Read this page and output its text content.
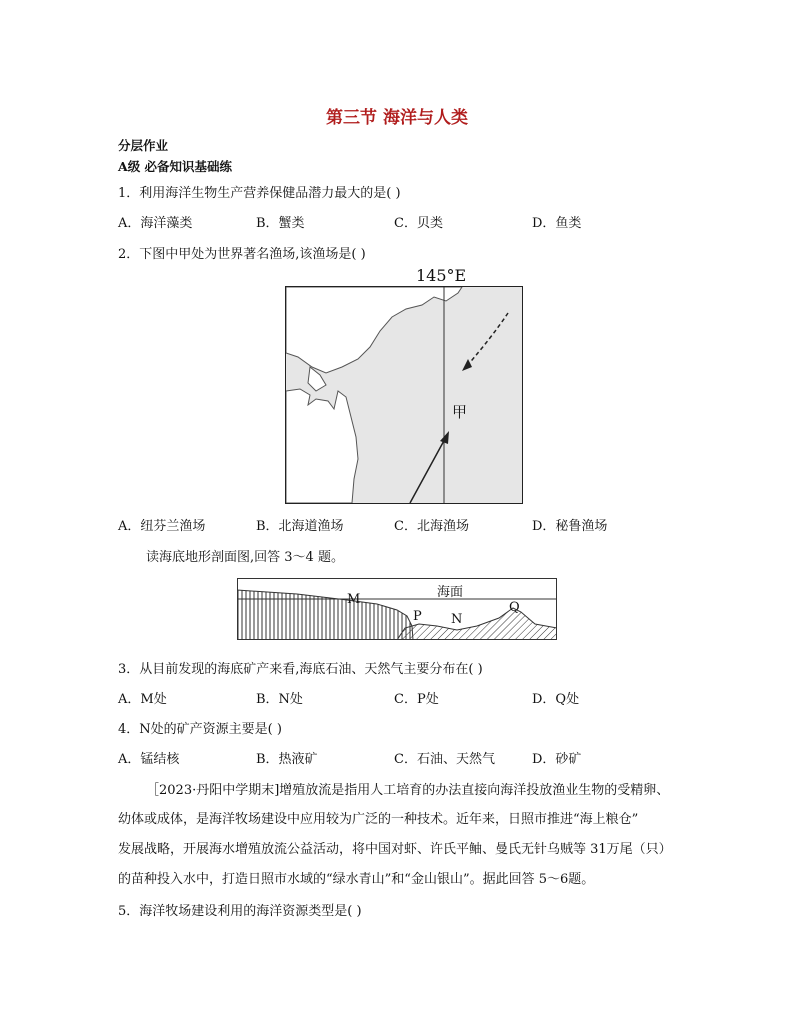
第三节 海洋与人类
分层作业
A级 必备知识基础练
1．利用海洋生物生产营养保健品潜力最大的是( )
A．海洋藻类	B．蟹类	C．贝类	D．鱼类
2．下图中甲处为世界著名渔场,该渔场是( )
145°E
甲
A．纽芬兰渔场	B．北海道渔场	C．北海渔场	D．秘鲁渔场
读海底地形剖面图,回答 3～4 题。
海面
M
P N
Q
3．从目前发现的海底矿产来看,海底石油、天然气主要分布在( )
A．M处	B．N处	C．P处	D．Q处
4．N处的矿产资源主要是( )
A．锰结核	B．热液矿	C．石油、天然气	D．砂矿
［2023·丹阳中学期末]增殖放流是指用人工培育的办法直接向海洋投放渔业生物的受精卵、
幼体或成体，是海洋牧场建设中应用较为广泛的一种技术。近年来，日照市推进“海上粮仓”
发展战略，开展海水增殖放流公益活动，将中国对虾、许氏平鲉、曼氏无针乌贼等 31万尾（只）
的苗种投入水中，打造日照市水域的“绿水青山”和“金山银山”。据此回答 5～6题。
5．海洋牧场建设利用的海洋资源类型是( )
